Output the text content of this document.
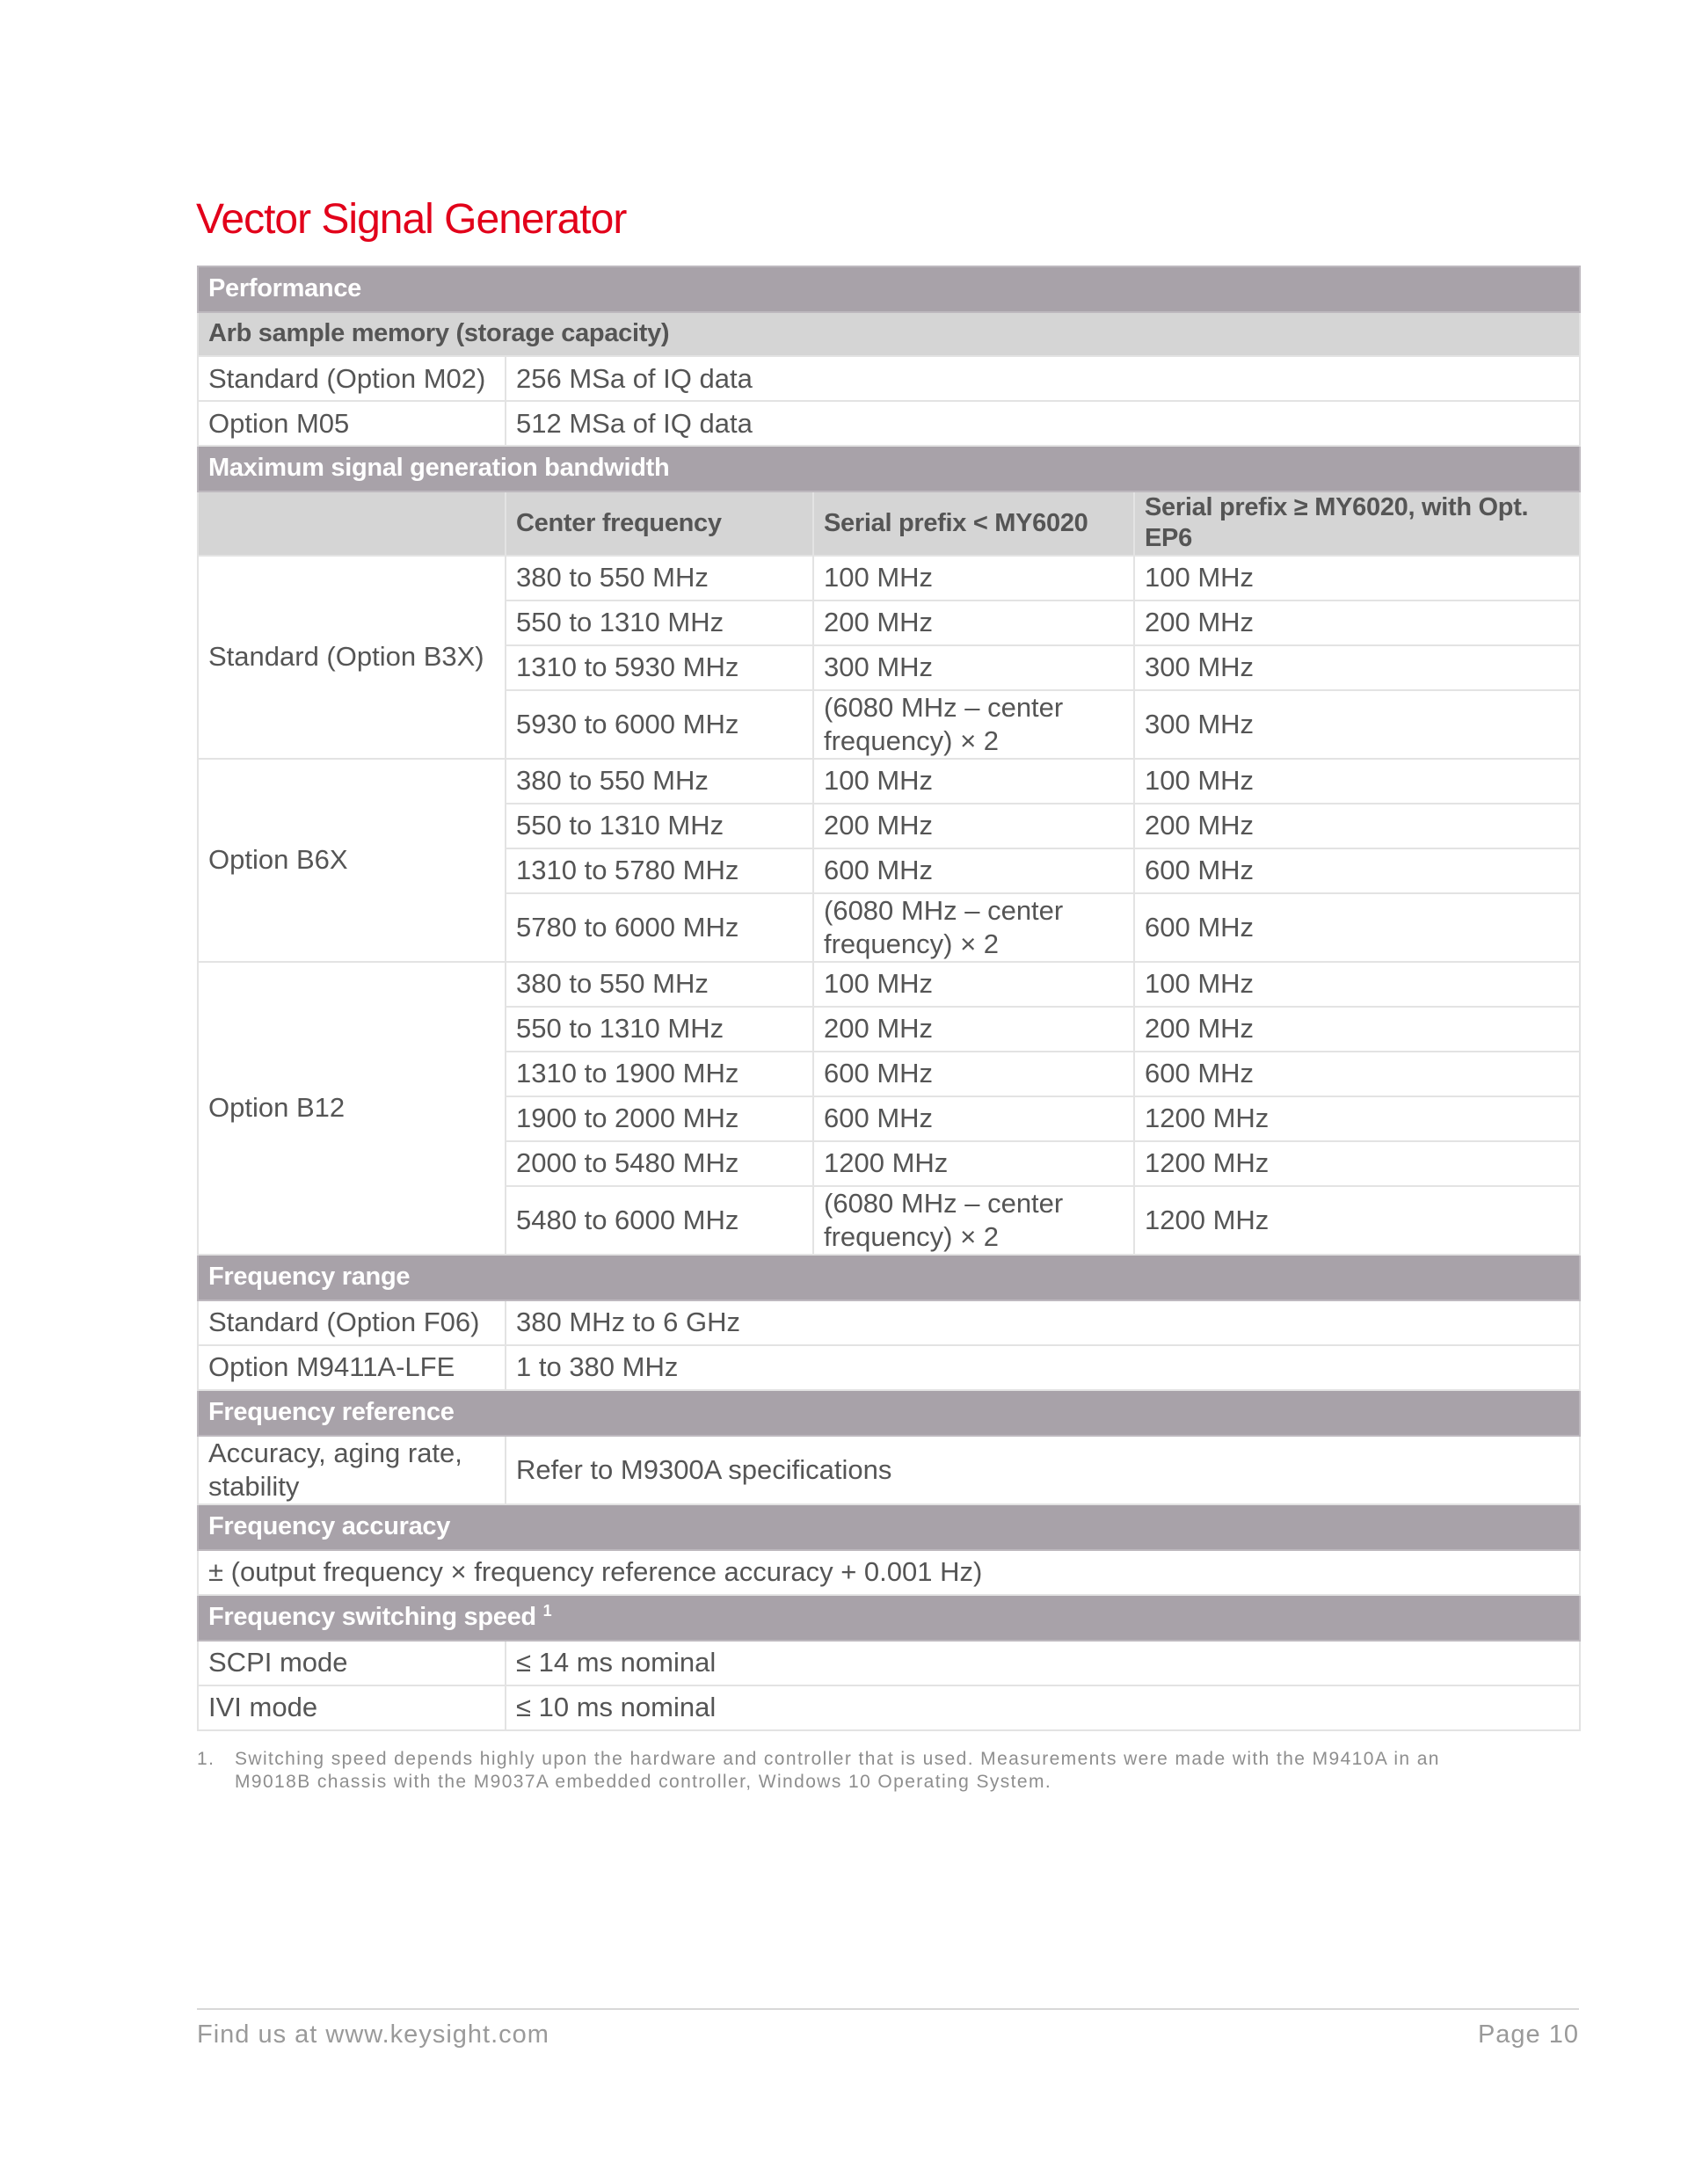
Vector Signal Generator
Performance			
Arb sample memory (storage capacity)			
Standard (Option M02)	256 MSa of IQ data		
Option M05	512 MSa of IQ data		
Maximum signal generation bandwidth			
	Center frequency	Serial prefix < MY6020	Serial prefix ≥ MY6020, with Opt. EP6
Standard (Option B3X)	380 to 550 MHz	100 MHz	100 MHz
	550 to 1310 MHz	200 MHz	200 MHz
	1310 to 5930 MHz	300 MHz	300 MHz
	5930 to 6000 MHz	(6080 MHz – center frequency) × 2	300 MHz
Option B6X	380 to 550 MHz	100 MHz	100 MHz
	550 to 1310 MHz	200 MHz	200 MHz
	1310 to 5780 MHz	600 MHz	600 MHz
	5780 to 6000 MHz	(6080 MHz – center frequency) × 2	600 MHz
Option B12	380 to 550 MHz	100 MHz	100 MHz
	550 to 1310 MHz	200 MHz	200 MHz
	1310 to 1900 MHz	600 MHz	600 MHz
	1900 to 2000 MHz	600 MHz	1200 MHz
	2000 to 5480 MHz	1200 MHz	1200 MHz
	5480 to 6000 MHz	(6080 MHz – center frequency) × 2	1200 MHz
Frequency range			
Standard (Option F06)	380 MHz to 6 GHz		
Option M9411A-LFE	1 to 380 MHz		
Frequency reference			
Accuracy, aging rate, stability	Refer to M9300A specifications		
Frequency accuracy			
± (output frequency × frequency reference accuracy + 0.001 Hz)			
Frequency switching speed $^1$
SCPI mode	≤ 14 ms nominal		
IVI mode	≤ 10 ms nominal		
1. Switching speed depends highly upon the hardware and controller that is used. Measurements were made with the M9410A in an M9018B chassis with the M9037A embedded controller, Windows 10 Operating System.
Find us at www.keysight.com	Page 10
